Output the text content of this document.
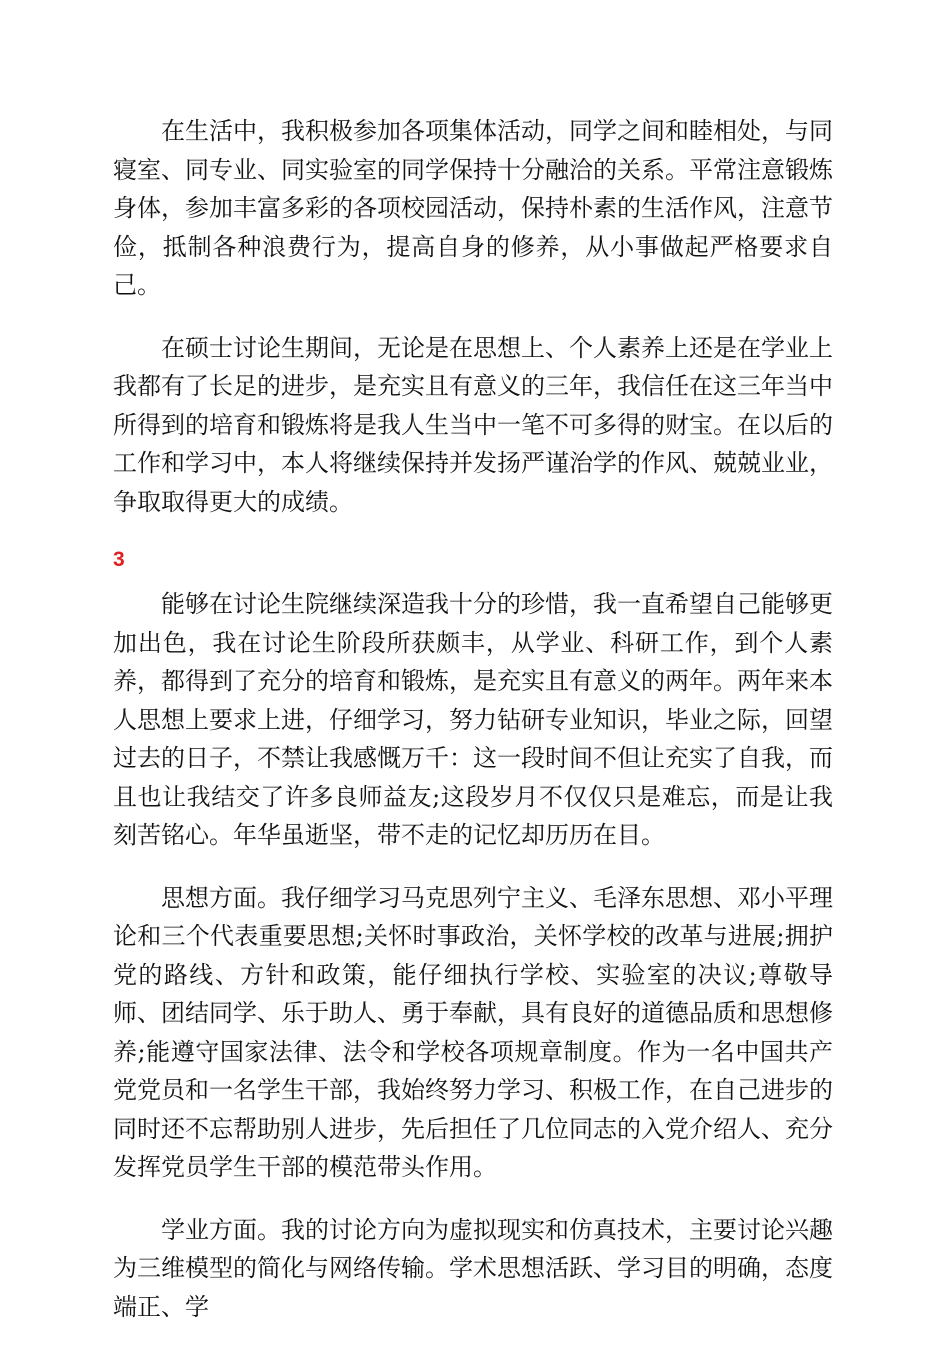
在生活中，我积极参加各项集体活动，同学之间和睦相处，与同寝室、同专业、同实验室的同学保持十分融洽的关系。平常注意锻炼身体，参加丰富多彩的各项校园活动，保持朴素的生活作风，注意节俭，抵制各种浪费行为，提高自身的修养，从小事做起严格要求自己。

在硕士讨论生期间，无论是在思想上、个人素养上还是在学业上我都有了长足的进步，是充实且有意义的三年，我信任在这三年当中所得到的培育和锻炼将是我人生当中一笔不可多得的财宝。在以后的工作和学习中，本人将继续保持并发扬严谨治学的作风、兢兢业业，争取取得更大的成绩。

3

能够在讨论生院继续深造我十分的珍惜，我一直希望自己能够更加出色，我在讨论生阶段所获颇丰，从学业、科研工作，到个人素养，都得到了充分的培育和锻炼，是充实且有意义的两年。两年来本人思想上要求上进，仔细学习，努力钻研专业知识，毕业之际，回望过去的日子，不禁让我感慨万千：这一段时间不但让充实了自我，而且也让我结交了许多良师益友;这段岁月不仅仅只是难忘，而是让我刻苦铭心。年华虽逝坚，带不走的记忆却历历在目。

思想方面。我仔细学习马克思列宁主义、毛泽东思想、邓小平理论和三个代表重要思想;关怀时事政治，关怀学校的改革与进展;拥护党的路线、方针和政策，能仔细执行学校、实验室的决议;尊敬导师、团结同学、乐于助人、勇于奉献，具有良好的道德品质和思想修养;能遵守国家法律、法令和学校各项规章制度。作为一名中国共产党党员和一名学生干部，我始终努力学习、积极工作，在自己进步的同时还不忘帮助别人进步，先后担任了几位同志的入党介绍人、充分发挥党员学生干部的模范带头作用。

学业方面。我的讨论方向为虚拟现实和仿真技术，主要讨论兴趣为三维模型的简化与网络传输。学术思想活跃、学习目的明确，态度端正、学
